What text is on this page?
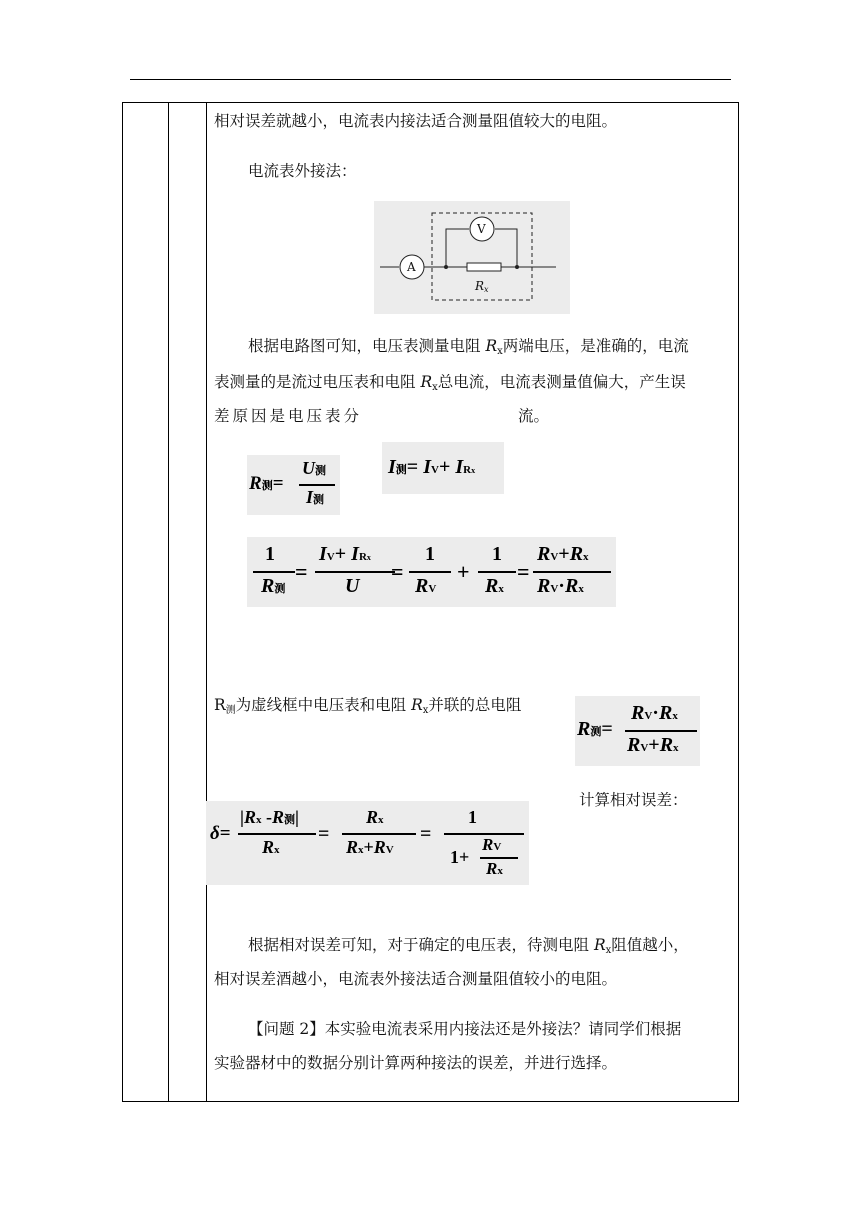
相对误差就越小，电流表内接法适合测量阻值较大的电阻。
电流表外接法：
A
V
Rx
根据电路图可知，电压表测量电阻 $R_x$两端电压，是准确的，电流
表测量的是流过电压表和电阻 $R_x$总电流，电流表测量值偏大，产生误
差原因是电压表分	流。
R测=
U测
I测
I测= IV+ IRx
1
R测
=
IV+ IRx
U
=
1
RV
+
1
Rx
=
RV+Rx
RV·Rx
$R_测$为虚线框中电压表和电阻 $R_x$并联的总电阻
R测=
RV·Rx
RV+Rx
计算相对误差：
δ=
|Rx -R测|
Rx
=
Rx
Rx+RV
=
1
1+
RV
Rx
根据相对误差可知，对于确定的电压表，待测电阻 $R_x$阻值越小，
相对误差酒越小，电流表外接法适合测量阻值较小的电阻。
【问题 2】本实验电流表采用内接法还是外接法？请同学们根据
实验器材中的数据分别计算两种接法的误差，并进行选择。
